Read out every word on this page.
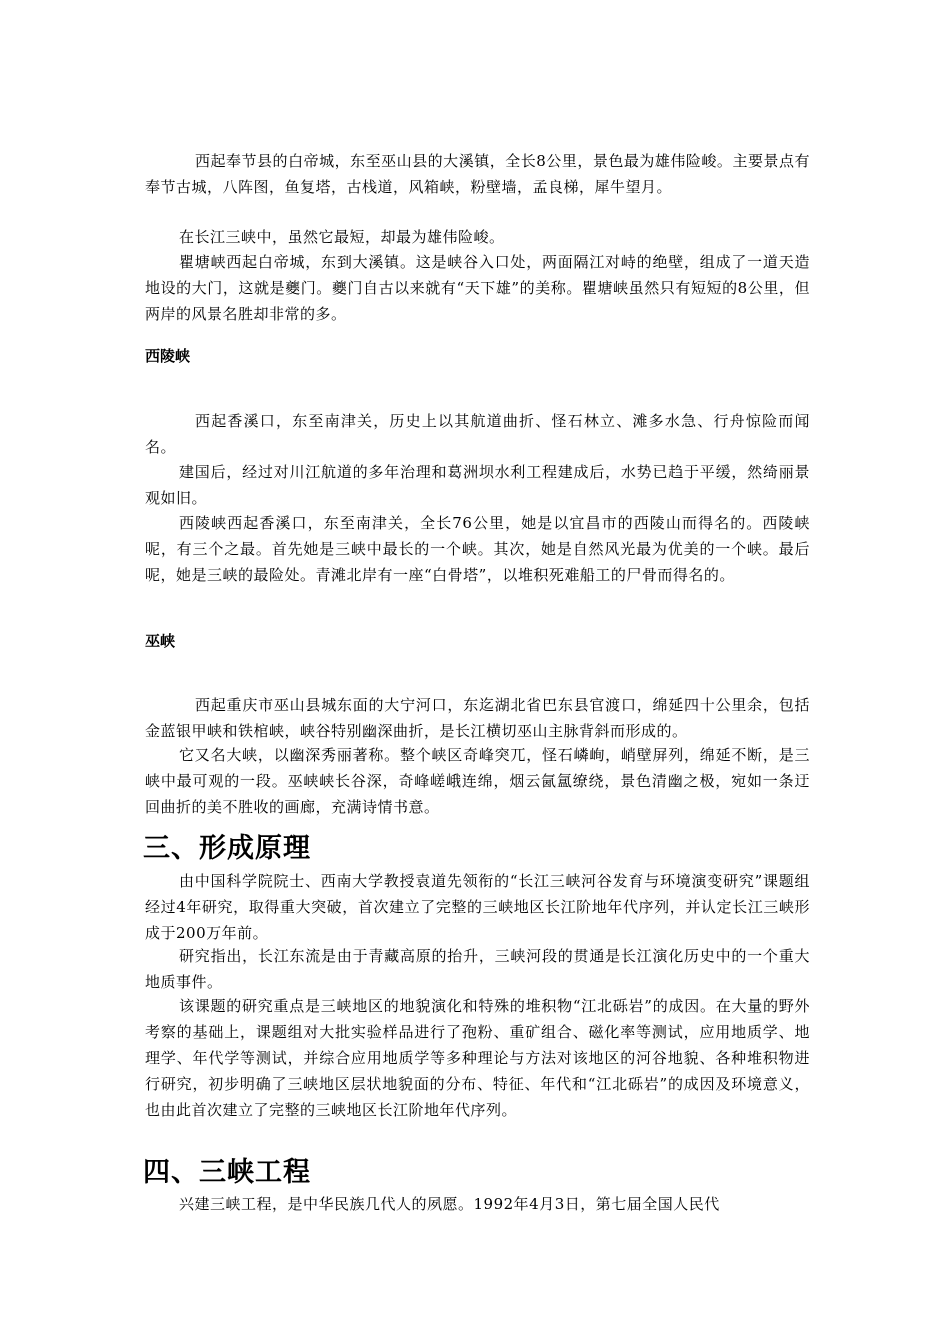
西起奉节县的白帝城，东至巫山县的大溪镇，全长8公里，景色最为雄伟险峻。主要景点有奉节古城，八阵图，鱼复塔，古栈道，风箱峡，粉壁墙，孟良梯，犀牛望月。

在长江三峡中，虽然它最短，却最为雄伟险峻。

瞿塘峡西起白帝城，东到大溪镇。这是峡谷入口处，两面隔江对峙的绝壁，组成了一道天造地设的大门，这就是夔门。夔门自古以来就有“天下雄”的美称。瞿塘峡虽然只有短短的8公里，但两岸的风景名胜却非常的多。

西陵峡

西起香溪口，东至南津关，历史上以其航道曲折、怪石林立、滩多水急、行舟惊险而闻名。

建国后，经过对川江航道的多年治理和葛洲坝水利工程建成后，水势已趋于平缓，然绮丽景观如旧。

西陵峡西起香溪口，东至南津关，全长76公里，她是以宜昌市的西陵山而得名的。西陵峡呢，有三个之最。首先她是三峡中最长的一个峡。其次，她是自然风光最为优美的一个峡。最后呢，她是三峡的最险处。青滩北岸有一座“白骨塔”，以堆积死难船工的尸骨而得名的。

巫峡

西起重庆市巫山县城东面的大宁河口，东迄湖北省巴东县官渡口，绵延四十公里余，包括金蓝银甲峡和铁棺峡，峡谷特别幽深曲折，是长江横切巫山主脉背斜而形成的。

它又名大峡，以幽深秀丽著称。整个峡区奇峰突兀，怪石嶙峋，峭壁屏列，绵延不断，是三峡中最可观的一段。巫峡峡长谷深，奇峰嵯峨连绵，烟云氤氲缭绕，景色清幽之极，宛如一条迂回曲折的美不胜收的画廊，充满诗情书意。

三、形成原理

由中国科学院院士、西南大学教授袁道先领衔的“长江三峡河谷发育与环境演变研究”课题组经过4年研究，取得重大突破，首次建立了完整的三峡地区长江阶地年代序列，并认定长江三峡形成于200万年前。

研究指出，长江东流是由于青藏高原的抬升，三峡河段的贯通是长江演化历史中的一个重大地质事件。

该课题的研究重点是三峡地区的地貌演化和特殊的堆积物“江北砾岩”的成因。在大量的野外考察的基础上，课题组对大批实验样品进行了孢粉、重矿组合、磁化率等测试，应用地质学、地理学、年代学等测试，并综合应用地质学等多种理论与方法对该地区的河谷地貌、各种堆积物进行研究，初步明确了三峡地区层状地貌面的分布、特征、年代和“江北砾岩”的成因及环境意义，也由此首次建立了完整的三峡地区长江阶地年代序列。

四、三峡工程

兴建三峡工程，是中华民族几代人的夙愿。1992年4月3日，第七届全国人民代
